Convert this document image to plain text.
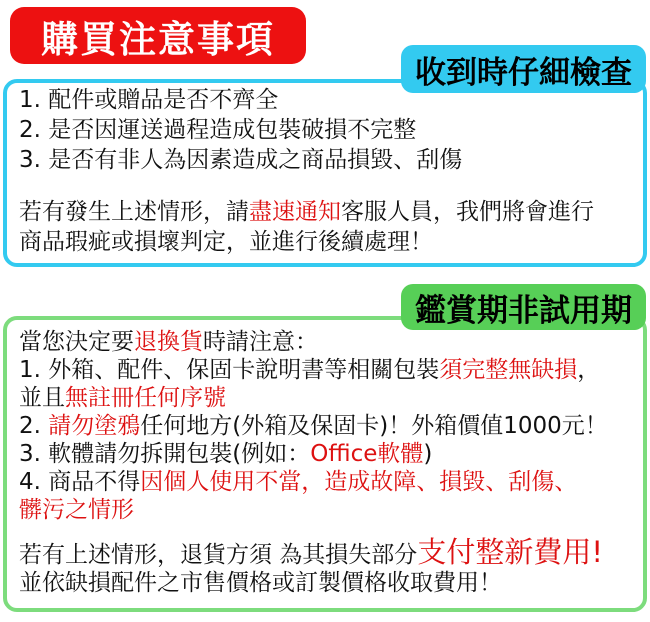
購買注意事項
收到時仔細檢查
1. 配件或贈品是否不齊全
2. 是否因運送過程造成包裝破損不完整
3. 是否有非人為因素造成之商品損毀、刮傷
若有發生上述情形，請盡速通知客服人員，我們將會進行
商品瑕疵或損壞判定，並進行後續處理！
鑑賞期非試用期
當您決定要退換貨時請注意：
1. 外箱、配件、保固卡說明書等相關包裝須完整無缺損，
並且無註冊任何序號
2. 請勿塗鴉任何地方(外箱及保固卡)！外箱價值1000元！
3. 軟體請勿拆開包裝(例如：Office軟體)
4. 商品不得因個人使用不當，造成故障、損毀、刮傷、
髒污之情形
若有上述情形，退貨方須 為其損失部分支付整新費用!
並依缺損配件之市售價格或訂製價格收取費用！
